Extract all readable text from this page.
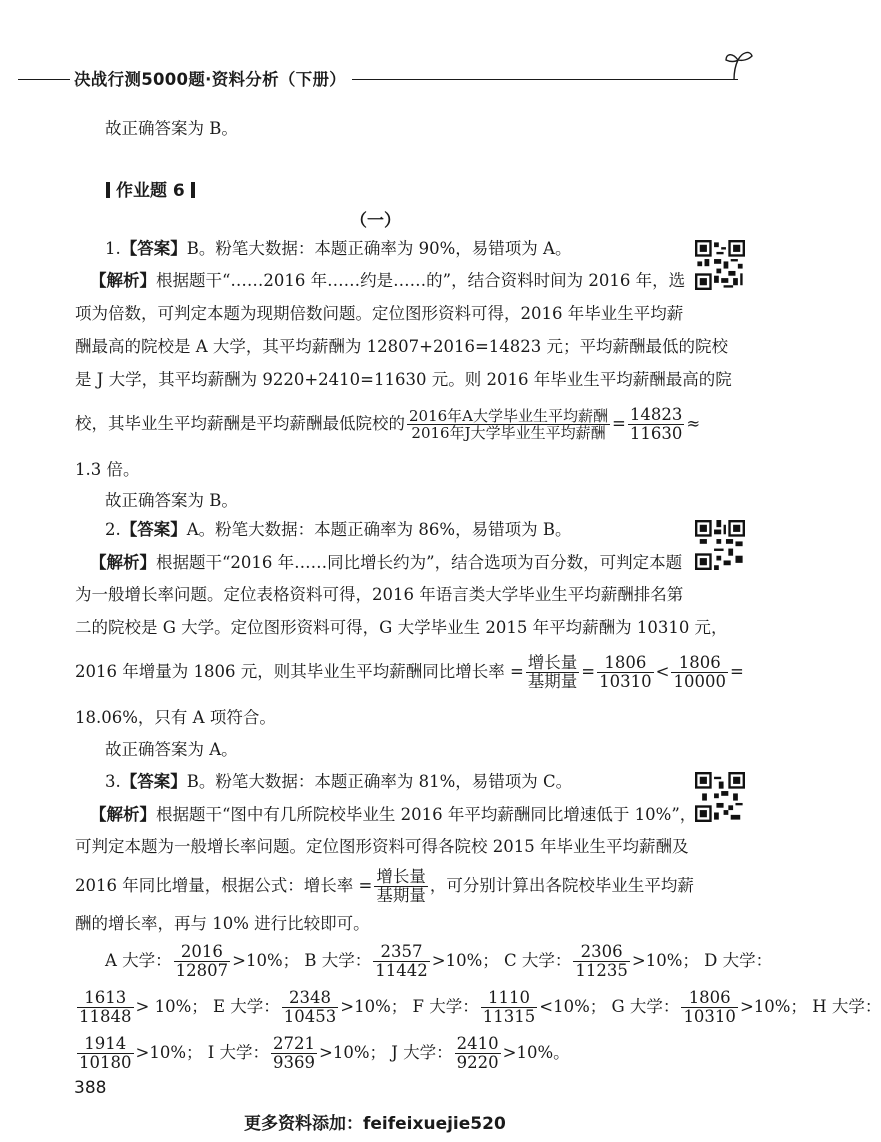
决战行测5000题·资料分析（下册）
故正确答案为 B。
作业题 6
（一）
1.【答案】B。粉笔大数据：本题正确率为 90%，易错项为 A。
【解析】根据题干“……2016 年……约是……的”，结合资料时间为 2016 年，选
项为倍数，可判定本题为现期倍数问题。定位图形资料可得，2016 年毕业生平均薪
酬最高的院校是 A 大学，其平均薪酬为 12807+2016=14823 元；平均薪酬最低的院校
是 J 大学，其平均薪酬为 9220+2410=11630 元。则 2016 年毕业生平均薪酬最高的院
校，其毕业生平均薪酬是平均薪酬最低院校的 $\frac{\text{2016年A大学毕业生平均薪酬}}{\text{2016年J大学毕业生平均薪酬}} = \frac{14823}{11630}$ ≈
1.3 倍。
故正确答案为 B。
2.【答案】A。粉笔大数据：本题正确率为 86%，易错项为 B。
【解析】根据题干“2016 年……同比增长约为”，结合选项为百分数，可判定本题
为一般增长率问题。定位表格资料可得，2016 年语言类大学毕业生平均薪酬排名第
二的院校是 G 大学。定位图形资料可得，G 大学毕业生 2015 年平均薪酬为 10310 元，
2016 年增量为 1806 元，则其毕业生平均薪酬同比增长率 = $\frac{\text{增长量}}{\text{基期量}} = \frac{1806}{10310} < \frac{1806}{10000}$ =
18.06%，只有 A 项符合。
故正确答案为 A。
3.【答案】B。粉笔大数据：本题正确率为 81%，易错项为 C。
【解析】根据题干“图中有几所院校毕业生 2016 年平均薪酬同比增速低于 10%”，
可判定本题为一般增长率问题。定位图形资料可得各院校 2015 年毕业生平均薪酬及
2016 年同比增量，根据公式：增长率 = $\frac{\text{增长量}}{\text{基期量}}$ ，可分别计算出各院校毕业生平均薪
酬的增长率，再与 10% 进行比较即可。
A 大学： $\frac{2016}{12807} >10\%$； B 大学： $\frac{2357}{11442} >10\%$； C 大学： $\frac{2306}{11235} >10\%$； D 大学：
$\frac{1613}{11848} > 10\%$； E 大学： $\frac{2348}{10453} >10\%$； F 大学： $\frac{1110}{11315} <10\%$； G 大学： $\frac{1806}{10310} >10\%$； H 大学：
$\frac{1914}{10180} >10\%$； I 大学： $\frac{2721}{9369} >10\%$； J 大学： $\frac{2410}{9220} >10\%$。
388
更多资料添加：feifeixuejie520
